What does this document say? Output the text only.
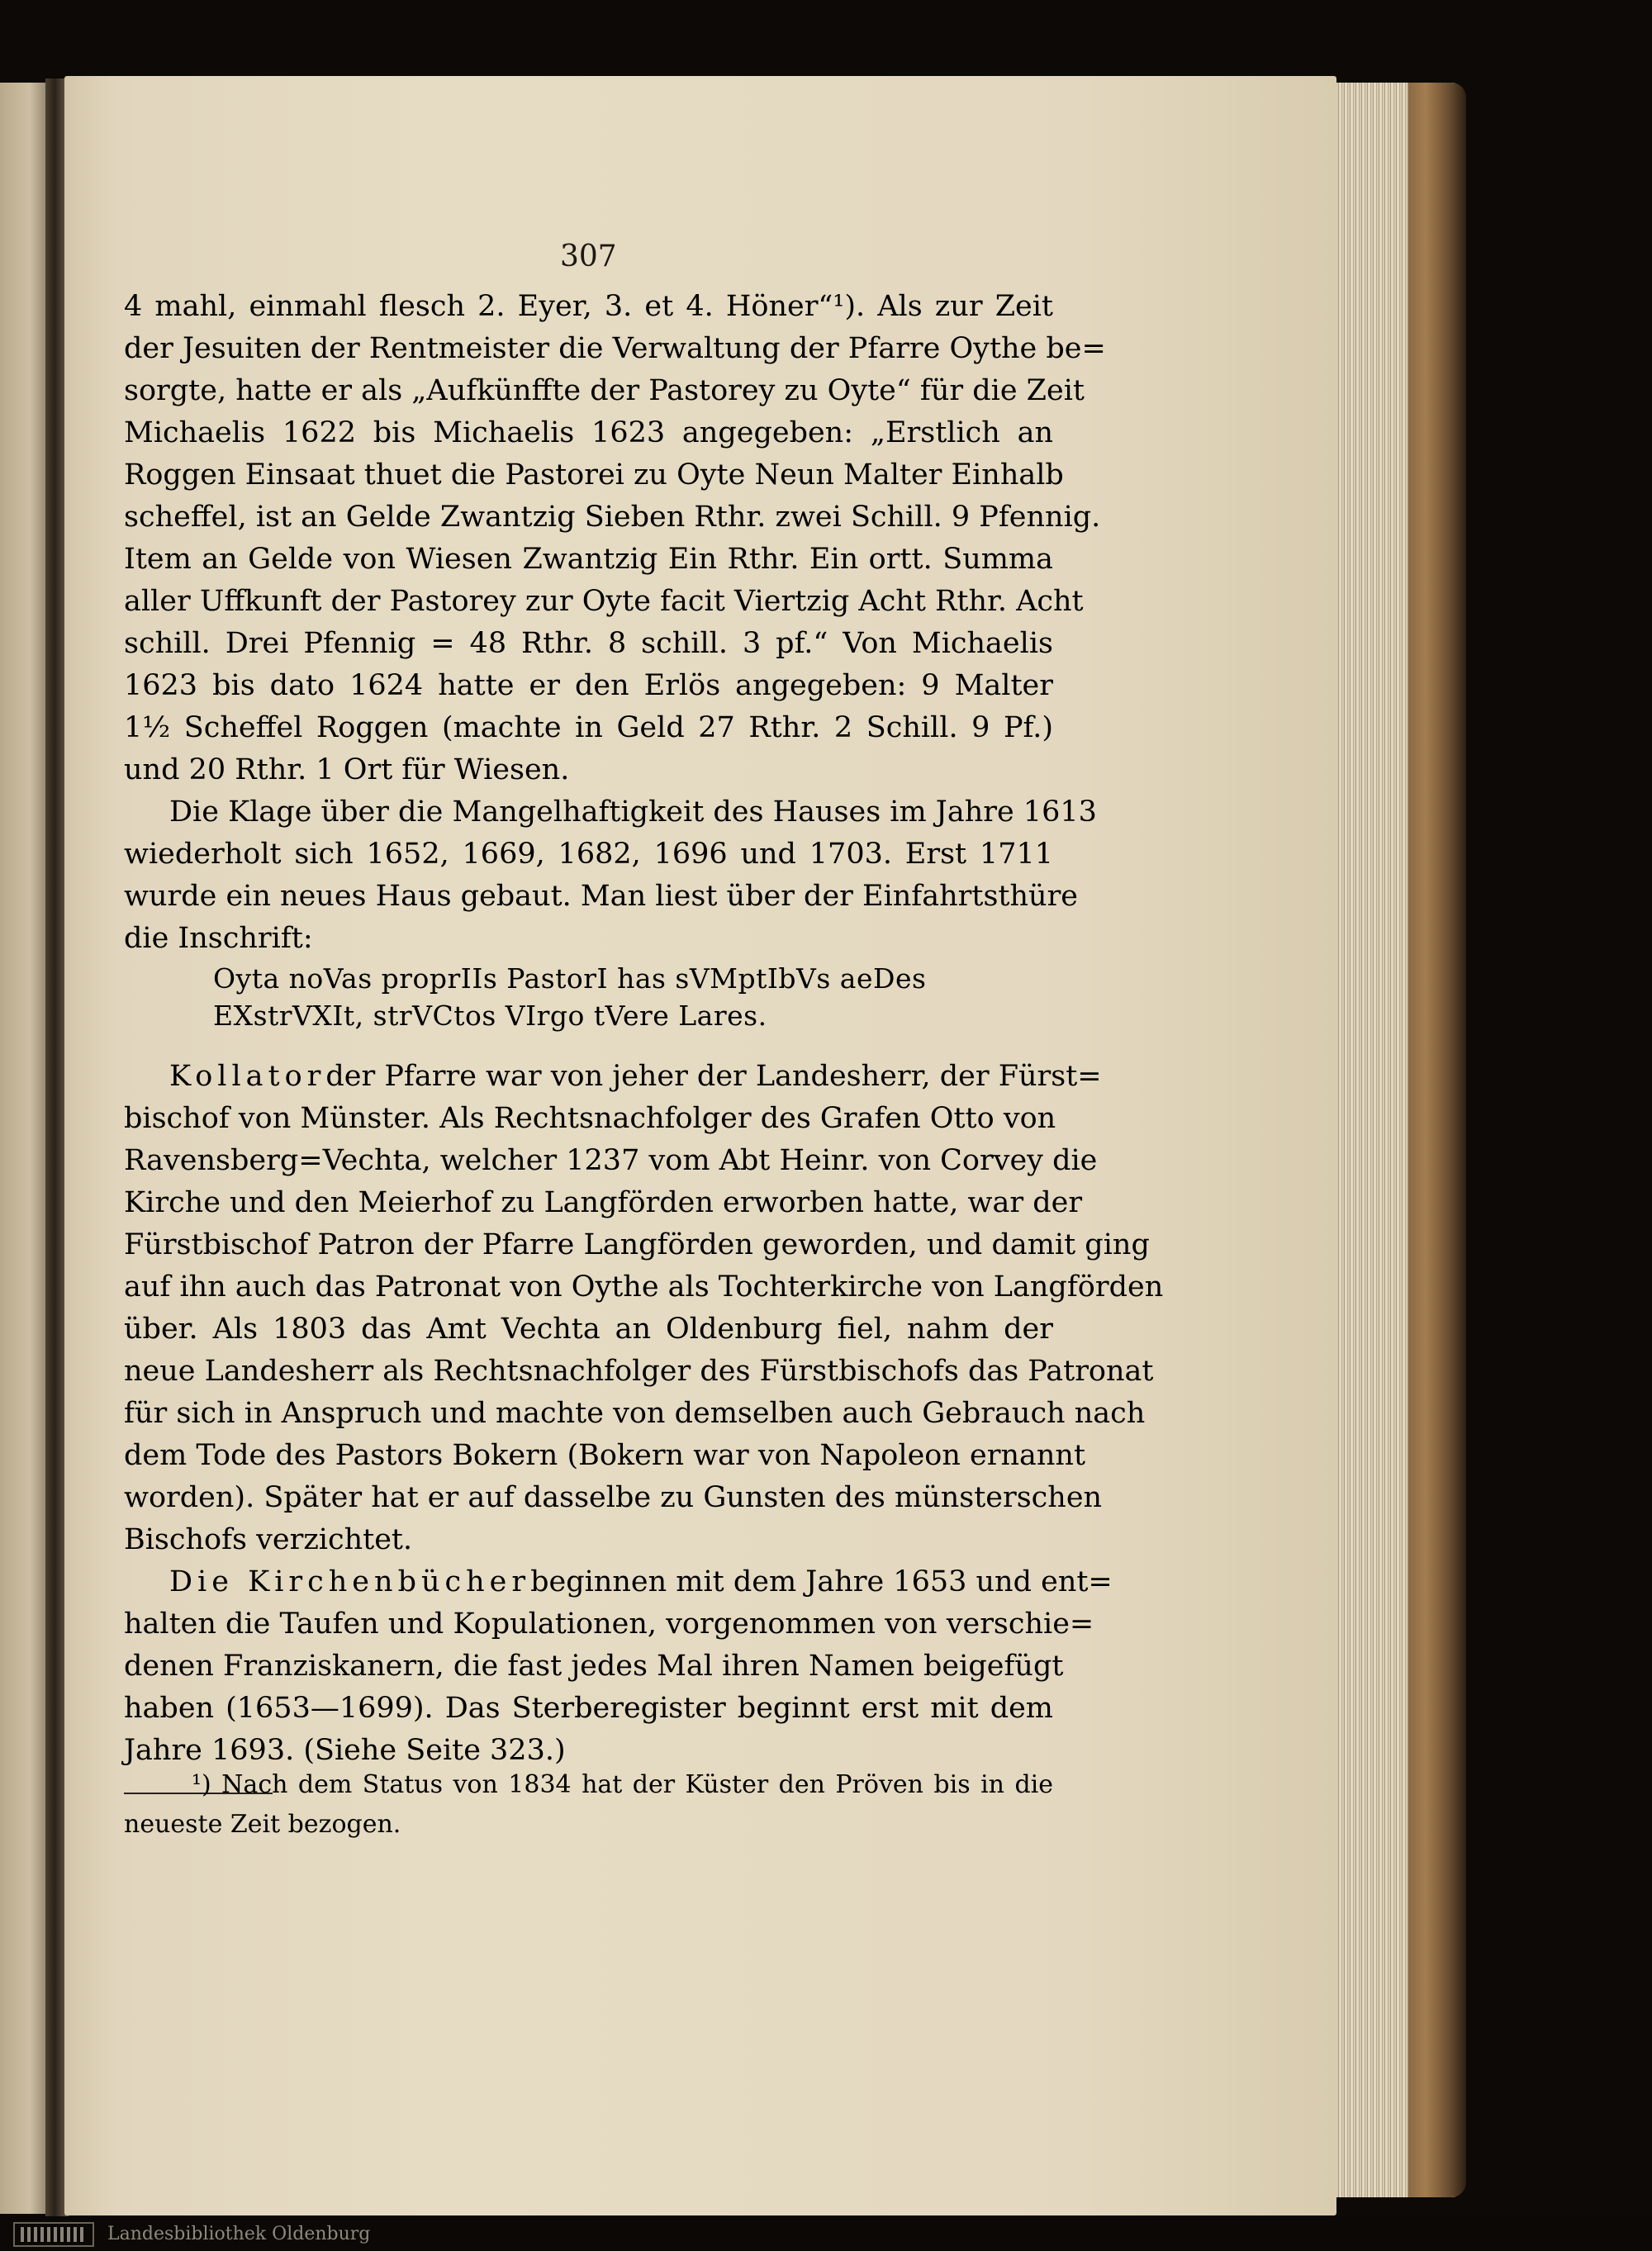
307
4 mahl, einmahl flesch 2. Eyer, 3. et 4. Höner“¹). Als zur Zeit
der Jesuiten der Rentmeister die Verwaltung der Pfarre Oythe be=
sorgte, hatte er als „Aufkünffte der Pastorey zu Oyte“ für die Zeit
Michaelis 1622 bis Michaelis 1623 angegeben: „Erstlich an
Roggen Einsaat thuet die Pastorei zu Oyte Neun Malter Einhalb
scheffel, ist an Gelde Zwantzig Sieben Rthr. zwei Schill. 9 Pfennig.
Item an Gelde von Wiesen Zwantzig Ein Rthr. Ein ortt. Summa
aller Uffkunft der Pastorey zur Oyte facit Viertzig Acht Rthr. Acht
schill. Drei Pfennig = 48 Rthr. 8 schill. 3 pf.“ Von Michaelis
1623 bis dato 1624 hatte er den Erlös angegeben: 9 Malter
1½ Scheffel Roggen (machte in Geld 27 Rthr. 2 Schill. 9 Pf.)
und 20 Rthr. 1 Ort für Wiesen.
Die Klage über die Mangelhaftigkeit des Hauses im Jahre 1613
wiederholt sich 1652, 1669, 1682, 1696 und 1703. Erst 1711
wurde ein neues Haus gebaut. Man liest über der Einfahrtsthüre
die Inschrift:
Oyta noVas proprIIs PastorI has sVMptIbVs aeDes
EXstrVXIt, strVCtos VIrgo tVere Lares.
Kollator der Pfarre war von jeher der Landesherr, der Fürst=
bischof von Münster. Als Rechtsnachfolger des Grafen Otto von
Ravensberg=Vechta, welcher 1237 vom Abt Heinr. von Corvey die
Kirche und den Meierhof zu Langförden erworben hatte, war der
Fürstbischof Patron der Pfarre Langförden geworden, und damit ging
auf ihn auch das Patronat von Oythe als Tochterkirche von Langförden
über. Als 1803 das Amt Vechta an Oldenburg fiel, nahm der
neue Landesherr als Rechtsnachfolger des Fürstbischofs das Patronat
für sich in Anspruch und machte von demselben auch Gebrauch nach
dem Tode des Pastors Bokern (Bokern war von Napoleon ernannt
worden). Später hat er auf dasselbe zu Gunsten des münsterschen
Bischofs verzichtet.
Die Kirchenbücher beginnen mit dem Jahre 1653 und ent=
halten die Taufen und Kopulationen, vorgenommen von verschie=
denen Franziskanern, die fast jedes Mal ihren Namen beigefügt
haben (1653—1699). Das Sterberegister beginnt erst mit dem
Jahre 1693. (Siehe Seite 323.)
¹) Nach dem Status von 1834 hat der Küster den Pröven bis in die
neueste Zeit bezogen.
Landesbibliothek Oldenburg
